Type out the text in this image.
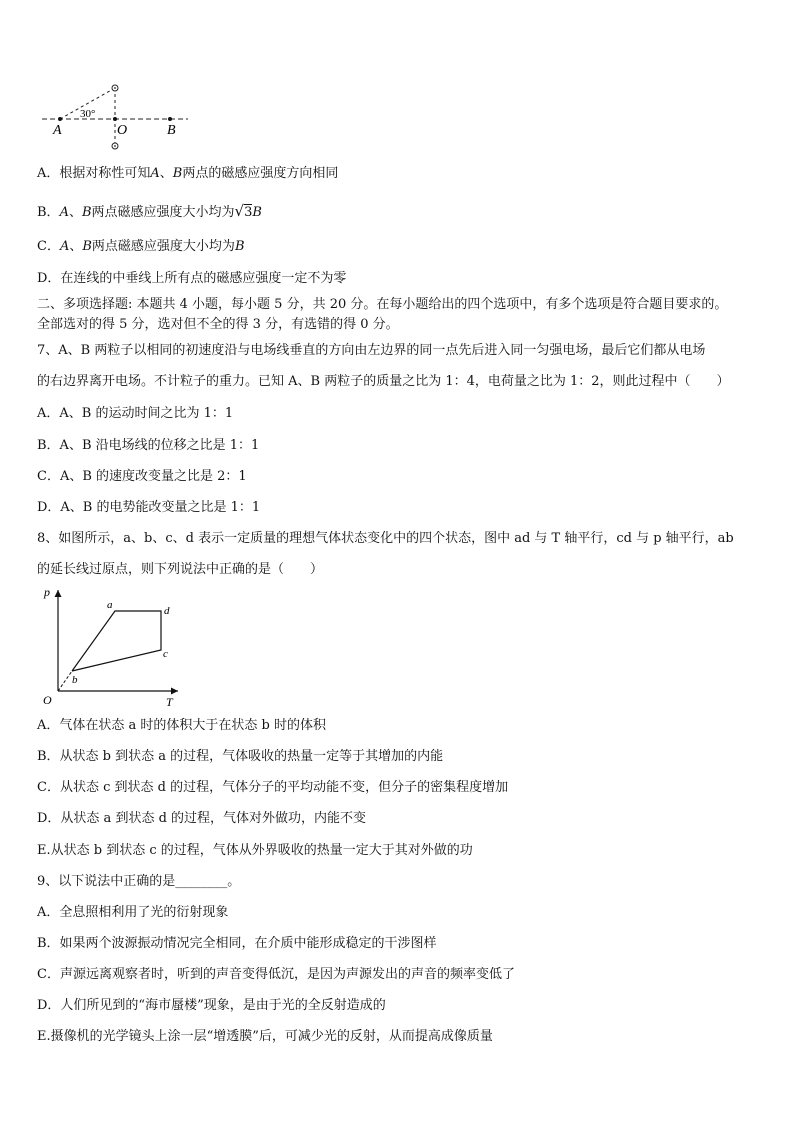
30°
A	O	B
A．根据对称性可知A、B两点的磁感应强度方向相同
B．A、B两点磁感应强度大小均为√3B
C．A、B两点磁感应强度大小均为B
D．在连线的中垂线上所有点的磁感应强度一定不为零
二、多项选择题: 本题共 4 小题，每小题 5 分，共 20 分。在每小题给出的四个选项中，有多个选项是符合题目要求的。
全部选对的得 5 分，选对但不全的得 3 分，有选错的得 0 分。
7、A、B 两粒子以相同的初速度沿与电场线垂直的方向由左边界的同一点先后进入同一匀强电场，最后它们都从电场
的右边界离开电场。不计粒子的重力。已知 A、B 两粒子的质量之比为 1：4，电荷量之比为 1：2，则此过程中（　　）
A．A、B 的运动时间之比为 1：1
B．A、B 沿电场线的位移之比是 1：1
C．A、B 的速度改变量之比是 2：1
D．A、B 的电势能改变量之比是 1：1
8、如图所示，a、b、c、d 表示一定质量的理想气体状态变化中的四个状态，图中 ad 与 T 轴平行，cd 与 p 轴平行，ab
的延长线过原点，则下列说法中正确的是（　　）
p
T
O
a
b
c
d
A．气体在状态 a 时的体积大于在状态 b 时的体积
B．从状态 b 到状态 a 的过程，气体吸收的热量一定等于其增加的内能
C．从状态 c 到状态 d 的过程，气体分子的平均动能不变，但分子的密集程度增加
D．从状态 a 到状态 d 的过程，气体对外做功，内能不变
E.从状态 b 到状态 c 的过程，气体从外界吸收的热量一定大于其对外做的功
9、以下说法中正确的是________。
A．全息照相利用了光的衍射现象
B．如果两个波源振动情况完全相同，在介质中能形成稳定的干涉图样
C．声源远离观察者时，听到的声音变得低沉，是因为声源发出的声音的频率变低了
D．人们所见到的“海市蜃楼”现象，是由于光的全反射造成的
E.摄像机的光学镜头上涂一层“增透膜”后，可减少光的反射，从而提高成像质量
